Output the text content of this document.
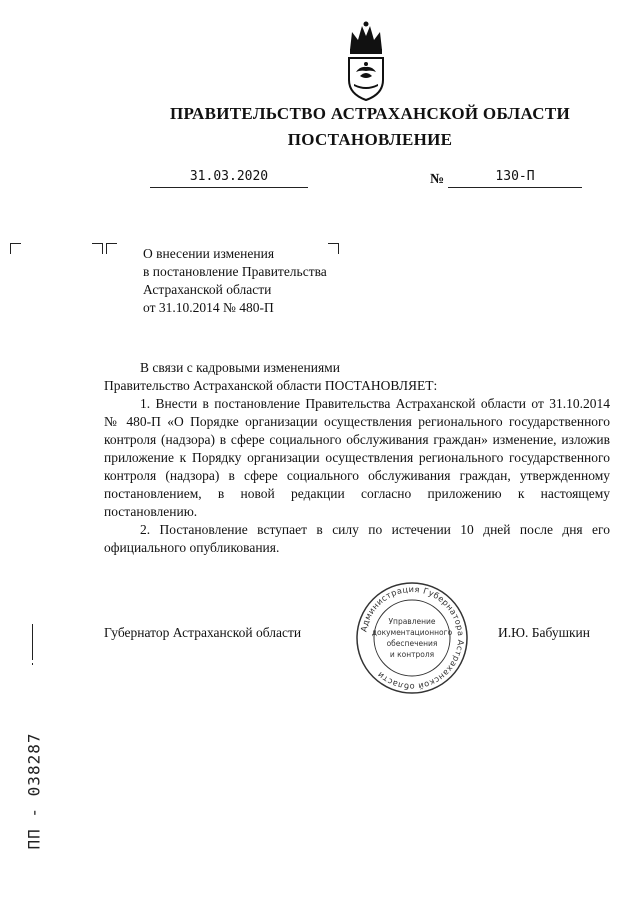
ПРАВИТЕЛЬСТВО АСТРАХАНСКОЙ ОБЛАСТИ
ПОСТАНОВЛЕНИЕ
31.03.2020	№	130-П
О внесении изменения
в постановление Правительства
Астраханской области
от 31.10.2014 № 480-П

В связи с кадровыми изменениями

Правительство Астраханской области ПОСТАНОВЛЯЕТ:

1. Внести в постановление Правительства Астраханской области от 31.10.2014 № 480-П «О Порядке организации осуществления регионального государственного контроля (надзора) в сфере социального обслуживания граждан» изменение, изложив приложение к Порядку организации осуществления регионального государственного контроля (надзора) в сфере социального обслуживания граждан, утвержденному постановлением, в новой редакции согласно приложению к настоящему постановлению.

2. Постановление вступает в силу по истечении 10 дней после дня его официального опубликования.

Губернатор Астраханской области	Администрация Губернатора Астраханской области
Управление
документационного
обеспечения
и контроля
И.Ю. Бабушкин
ПП - 038287
